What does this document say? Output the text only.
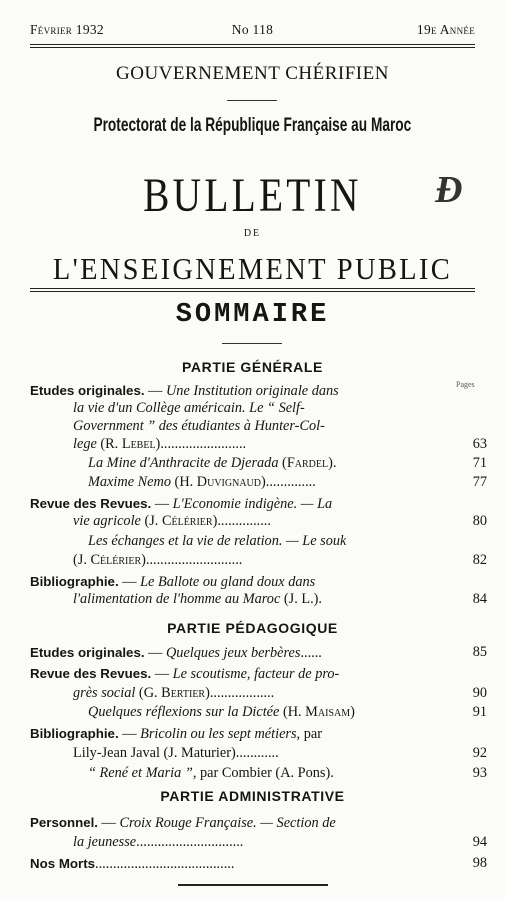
Février 1932	No 118	19e Année
GOUVERNEMENT CHÉRIFIEN
Protectorat de la République Française au Maroc
BULLETIN	Ɖ
DE
L'ENSEIGNEMENT PUBLIC
SOMMAIRE
PARTIE GÉNÉRALE
Pages
Etudes originales. — Une Institution originale dans
la vie d'un Collège américain. Le “ Self-
Government ” des étudiantes à Hunter-Col-
lege (R. Lebel)........................	63
La Mine d'Anthracite de Djerada (Fardel).	71
Maxime Nemo (H. Duvignaud)..............	77
Revue des Revues. — L'Economie indigène. — La
vie agricole (J. Célérier)...............	80
Les échanges et la vie de relation. — Le souk
(J. Célérier)...........................	82
Bibliographie. — Le Ballote ou gland doux dans
l'alimentation de l'homme au Maroc (J. L.).	84
Etudes originales. — Quelques jeux berbères......	85
Revue des Revues. — Le scoutisme, facteur de pro-
grès social (G. Bertier)..................	90
Quelques réflexions sur la Dictée (H. Maisam)	91
Bibliographie. — Bricolin ou les sept métiers, par
Lily-Jean Javal (J. Maturier)............	92
“ René et Maria ”, par Combier (A. Pons).	93
Personnel. — Croix Rouge Française. — Section de
la jeunesse..............................	94
Nos Morts.......................................	98
PARTIE PÉDAGOGIQUE
PARTIE ADMINISTRATIVE
